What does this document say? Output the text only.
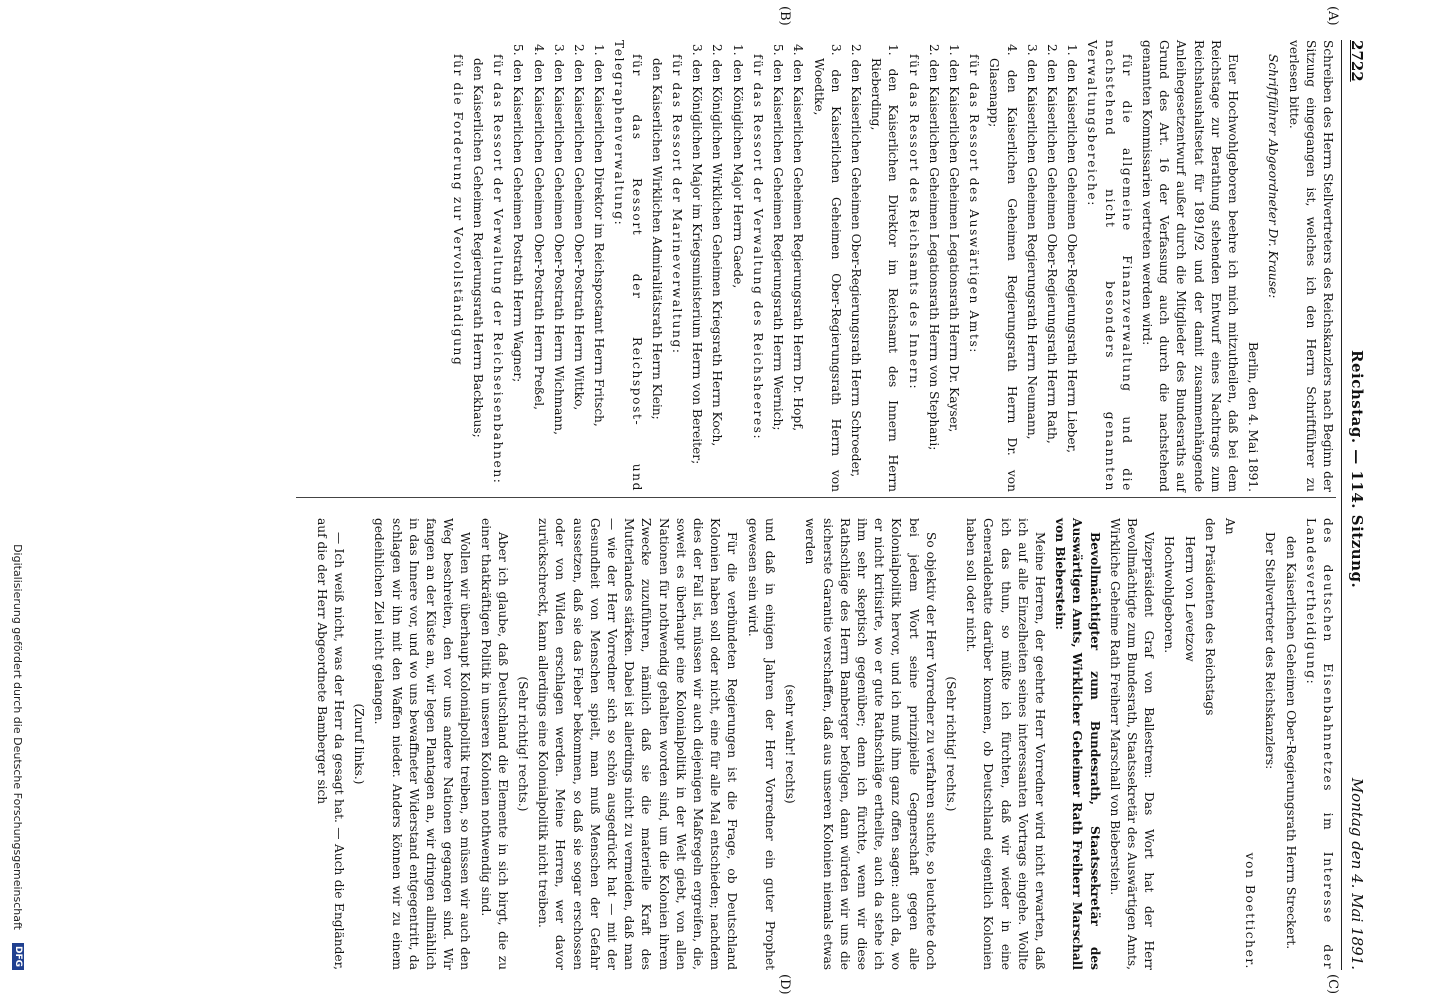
2722
Reichstag. — 114. Sitzung.
Montag den 4. Mai 1891.
(A)
(B)
(C)
(D)

Schreiben des Herrn Stellvertreters des Reichskanzlers nach Beginn der Sitzung eingegangen ist, welches ich den Herrn Schriftführer zu verlesen bitte.

Schriftführer Abgeordneter Dr. Krause:

Berlin, den 4. Mai 1891.

Euer Hochwohlgeboren beehre ich mich mitzutheilen, daß bei dem Reichstage zur Berathung stehenden Entwurf eines Nachtrags zum Reichshaushaltsetat für 1891/92 und der damit zusammenhängende Anleihegesetzentwurf außer durch die Mitglieder des Bundesraths auf Grund des Art. 16 der Verfassung auch durch die nachstehend genannten Kommissarien vertreten werden wird:

für die allgemeine Finanzverwaltung und die nachstehend nicht besonders genannten Verwaltungsbereiche:

1. den Kaiserlichen Geheimen Ober-Regierungsrath Herrn Lieber,

2. den Kaiserlichen Geheimen Ober-Regierungsrath Herrn Rath,

3. den Kaiserlichen Geheimen Regierungsrath Herrn Neumann,

4. den Kaiserlichen Geheimen Regierungsrath Herrn Dr. von Glasenapp;

für das Ressort des Auswärtigen Amts:

1. den Kaiserlichen Geheimen Legationsrath Herrn Dr. Kayser,

2. den Kaiserlichen Geheimen Legationsrath Herrn von Stephani;

für das Ressort des Reichsamts des Innern:

1. den Kaiserlichen Direktor im Reichsamt des Innern Herrn Rieberding,

2. den Kaiserlichen Geheimen Ober-Regierungsrath Herrn Schroeder,

3. den Kaiserlichen Geheimen Ober-Regierungsrath Herrn von Woedtke,

4. den Kaiserlichen Geheimen Regierungsrath Herrn Dr. Hopf,

5. den Kaiserlichen Geheimen Regierungsrath Herrn Wernich;

für das Ressort der Verwaltung des Reichsheeres:

1. den Königlichen Major Herrn Gaede,

2. den Königlichen Wirklichen Geheimen Kriegsrath Herrn Koch,

3. den Königlichen Major im Kriegsministerium Herrn von Bereiter;

für das Ressort der Marineverwaltung:

den Kaiserlichen Wirklichen Admiralitätsrath Herrn Klein;

für das Ressort der Reichspost- und Telegraphenverwaltung:

1. den Kaiserlichen Direktor im Reichspostamt Herrn Fritsch,

2. den Kaiserlichen Geheimen Ober-Postrath Herrn Wittko,

3. den Kaiserlichen Geheimen Ober-Postrath Herrn Wichmann,

4. den Kaiserlichen Geheimen Ober-Postrath Herrn Preßel,

5. den Kaiserlichen Geheimen Postrath Herrn Wagner;

für das Ressort der Verwaltung der Reichseisenbahnen:

den Kaiserlichen Geheimen Regierungsrath Herrn Backhaus;

für die Forderung zur Vervollständigung

des deutschen Eisenbahnnetzes im Interesse der Landesvertheidigung:

den Kaiserlichen Geheimen Ober-Regierungsrath Herrn Streckert.

Der Stellvertreter des Reichskanzlers:

von Boetticher.

An

den Präsidenten des Reichstags

Herrn von Levetzow

Hochwohlgeboren.

Vizepräsident Graf von Ballestrem: Das Wort hat der Herr Bevollmächtigte zum Bundesrath, Staatssekretär des Auswärtigen Amts, Wirkliche Geheime Rath Freiherr Marschall von Bieberstein.

Bevollmächtigter zum Bundesrath, Staatssekretär des Auswärtigen Amts, Wirklicher Geheimer Rath Freiherr Marschall von Bieberstein:

Meine Herren, der geehrte Herr Vorredner wird nicht erwarten, daß ich auf alle Einzelheiten seines interessanten Vortrags eingehe. Wollte ich das thun, so müßte ich fürchten, daß wir wieder in eine Generaldebatte darüber kommen, ob Deutschland eigentlich Kolonien haben soll oder nicht.

(Sehr richtig! rechts.)

So objektiv der Herr Vorredner zu verfahren suchte, so leuchtete doch bei jedem Wort seine prinzipielle Gegnerschaft gegen alle Kolonialpolitik hervor, und ich muß ihm ganz offen sagen: auch da, wo er nicht kritisirte, wo er gute Rathschläge ertheilte, auch da stehe ich ihm sehr skeptisch gegenüber; denn ich fürchte, wenn wir diese Rathschläge des Herrn Bamberger befolgen, dann würden wir uns die sicherste Garantie verschaffen, daß aus unseren Kolonien niemals etwas werden

(sehr wahr! rechts)

und daß in einigen Jahren der Herr Vorredner ein guter Prophet gewesen sein wird.

Für die verbündeten Regierungen ist die Frage, ob Deutschland Kolonien haben soll oder nicht, eine für alle Mal entschieden; nachdem dies der Fall ist, müssen wir auch diejenigen Maßregeln ergreifen, die, soweit es überhaupt eine Kolonialpolitik in der Welt giebt, von allen Nationen für nothwendig gehalten worden sind, um die Kolonien ihrem Zwecke zuzuführen, nämlich daß sie die materielle Kraft des Mutterlandes stärken. Dabei ist allerdings nicht zu vermeiden, daß man — wie der Herr Vorredner sich so schön ausgedrückt hat — mit der Gesundheit von Menschen spielt, man muß Menschen der Gefahr aussetzen, daß sie das Fieber bekommen, so daß sie sogar erschossen oder von Wilden erschlagen werden. Meine Herren, wer davor zurückschreckt, kann allerdings eine Kolonialpolitik nicht treiben.

(Sehr richtig! rechts.)

Aber ich glaube, daß Deutschland die Elemente in sich birgt, die zu einer thatkräftigen Politik in unseren Kolonien nothwendig sind.

Wollen wir überhaupt Kolonialpolitik treiben, so müssen wir auch den Weg beschreiten, den vor uns andere Nationen gegangen sind. Wir fangen an der Küste an, wir legen Plantagen an, wir dringen allmählich in das Innere vor, und wo uns bewaffneter Widerstand entgegentritt, da schlagen wir ihn mit den Waffen nieder. Anders können wir zu einem gedeihlichen Ziel nicht gelangen.

(Zuruf links.)

— Ich weiß nicht, was der Herr da gesagt hat. — Auch die Engländer, auf die der Herr Abgeordnete Bamberger sich

Digitalisierung gefördert durch die Deutsche Forschungsgemeinschaft
DFG
